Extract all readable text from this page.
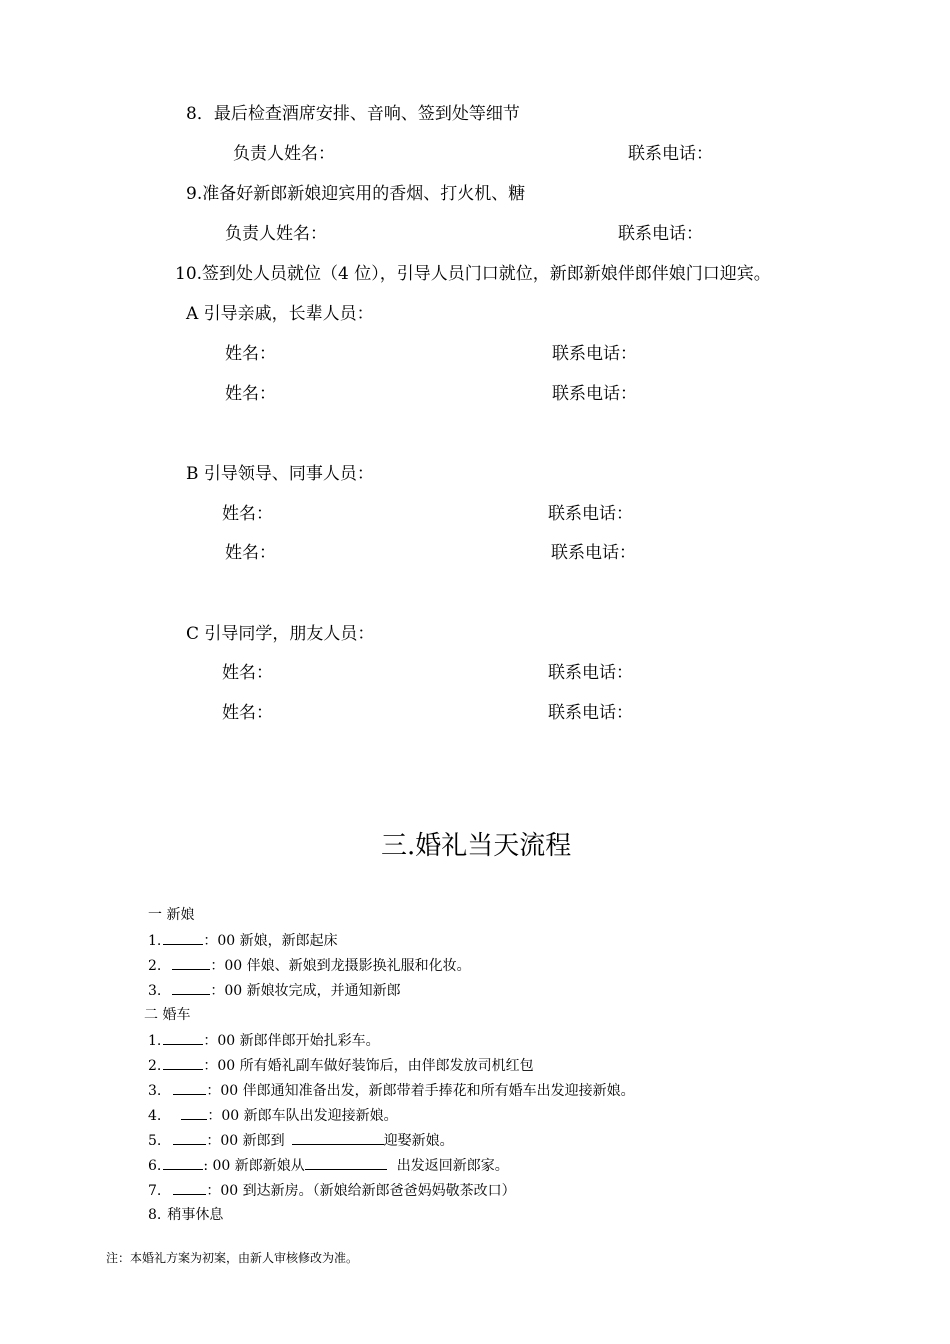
8．最后检查酒席安排、音响、签到处等细节
负责人姓名：	联系电话：
9.准备好新郎新娘迎宾用的香烟、打火机、糖
负责人姓名：	联系电话：
10.签到处人员就位（4 位），引导人员门口就位，新郎新娘伴郎伴娘门口迎宾。
A 引导亲戚，长辈人员：
姓名：	联系电话：
姓名：	联系电话：
B 引导领导、同事人员：
姓名：	联系电话：
姓名：	联系电话：
C 引导同学，朋友人员：
姓名：	联系电话：
姓名：	联系电话：
三.婚礼当天流程
一 新娘
1.	：00 新娘，新郎起床
2.	：00 伴娘、新娘到龙摄影换礼服和化妆。
3.	：00 新娘妆完成，并通知新郎
二 婚车
1.	：00 新郎伴郎开始扎彩车。
2.	：00 所有婚礼副车做好装饰后，由伴郎发放司机红包
3.	：00 伴郎通知准备出发，新郎带着手捧花和所有婚车出发迎接新娘。
4.	：00 新郎车队出发迎接新娘。
5.	：00 新郎到	迎娶新娘。
6.	: 00 新郎新娘从	出发返回新郎家。
7.	：00 到达新房。（新娘给新郎爸爸妈妈敬茶改口）
8. 稍事休息
注：本婚礼方案为初案，由新人审核修改为准。
